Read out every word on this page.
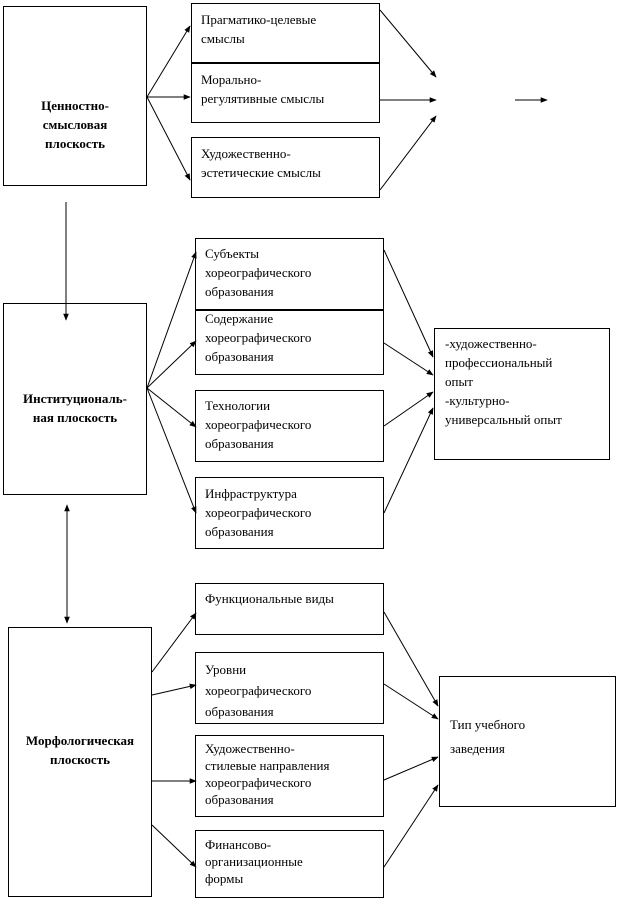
Ценностно-
смысловая
плоскость
Институциональ-
ная плоскость
Морфологическая
плоскость
Прагматико-целевые
смыслы
Морально-
регулятивные смыслы
Художественно-
эстетические смыслы
Субъекты
хореографического
образования
Содержание
хореографического
образования
Технологии
хореографического
образования
Инфраструктура
хореографического
образования
-художественно-
профессиональный
опыт
-культурно-
универсальный опыт
Функциональные виды
Уровни
хореографического
образования
Художественно-
стилевые направления
хореографического
образования
Финансово-
организационные
формы
Тип учебного
заведения
